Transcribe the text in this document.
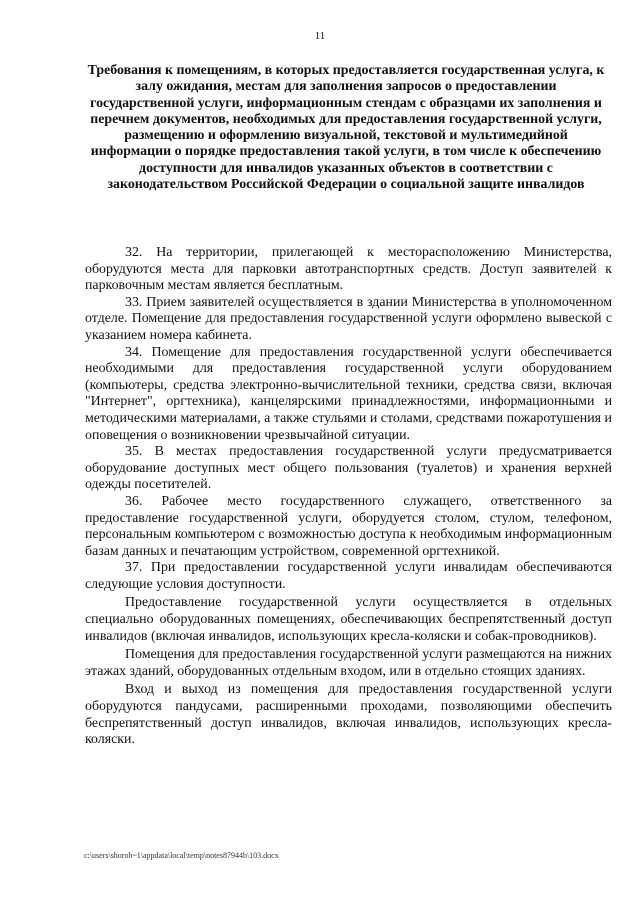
11
Требования к помещениям, в которых предоставляется государственная услуга, к залу ожидания, местам для заполнения запросов о предоставлении государственной услуги, информационным стендам с образцами их заполнения и перечнем документов, необходимых для предоставления государственной услуги, размещению и оформлению визуальной, текстовой и мультимедийной информации о порядке предоставления такой услуги, в том числе к обеспечению доступности для инвалидов указанных объектов в соответствии с законодательством Российской Федерации о социальной защите инвалидов

32. На территории, прилегающей к месторасположению Министерства, оборудуются места для парковки автотранспортных средств. Доступ заявителей к парковочным местам является бесплатным.

33. Прием заявителей осуществляется в здании Министерства в уполномоченном отделе. Помещение для предоставления государственной услуги оформлено вывеской с указанием номера кабинета.

34. Помещение для предоставления государственной услуги обеспечивается необходимыми для предоставления государственной услуги оборудованием (компьютеры, средства электронно-вычислительной техники, средства связи, включая "Интернет", оргтехника), канцелярскими принадлежностями, информационными и методическими материалами, а также стульями и столами, средствами пожаротушения и оповещения о возникновении чрезвычайной ситуации.

35. В местах предоставления государственной услуги предусматривается оборудование доступных мест общего пользования (туалетов) и хранения верхней одежды посетителей.

36. Рабочее место государственного служащего, ответственного за предоставление государственной услуги, оборудуется столом, стулом, телефоном, персональным компьютером с возможностью доступа к необходимым информационным базам данных и печатающим устройством, современной оргтехникой.

37. При предоставлении государственной услуги инвалидам обеспечиваются следующие условия доступности.

Предоставление государственной услуги осуществляется в отдельных специально оборудованных помещениях, обеспечивающих беспрепятственный доступ инвалидов (включая инвалидов, использующих кресла-коляски и собак-проводников).

Помещения для предоставления государственной услуги размещаются на нижних этажах зданий, оборудованных отдельным входом, или в отдельно стоящих зданиях.

Вход и выход из помещения для предоставления государственной услуги оборудуются пандусами, расширенными проходами, позволяющими обеспечить беспрепятственный доступ инвалидов, включая инвалидов, использующих кресла-коляски.

c:\users\shoroh~1\appdata\local\temp\notes87944b\103.docx
